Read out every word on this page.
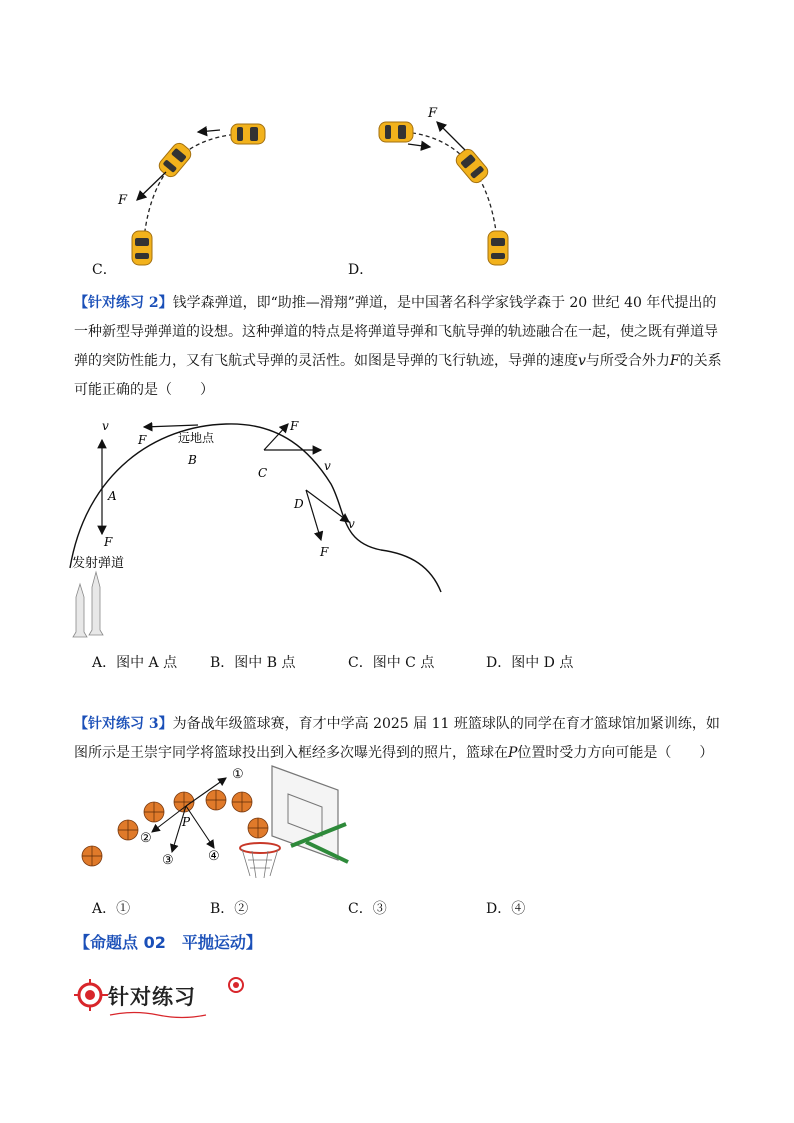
F
C．
F
D．
【针对练习 2】钱学森弹道，即“助推—滑翔”弹道，是中国著名科学家钱学森于 20 世纪 40 年代提出的一种新型导弹弹道的设想。这种弹道的特点是将弹道导弹和飞航导弹的轨迹融合在一起，使之既有弹道导弹的突防性能力，又有飞航式导弹的灵活性。如图是导弹的飞行轨迹，导弹的速度v与所受合外力F的关系可能正确的是（　　）
v
F
A
远地点
F
B
F
v
C
F
v
D
发射弹道
A．图中 A 点 B．图中 B 点	C．图中 C 点	D．图中 D 点
【针对练习 3】为备战年级篮球赛，育才中学高 2025 届 11 班篮球队的同学在育才篮球馆加紧训练，如图所示是王崇宇同学将篮球投出到入框经多次曝光得到的照片，篮球在P位置时受力方向可能是（　　）
P
①
②
③	④
A．①	B．②	C．③	D．④
【命题点 02　平抛运动】
针对练习
